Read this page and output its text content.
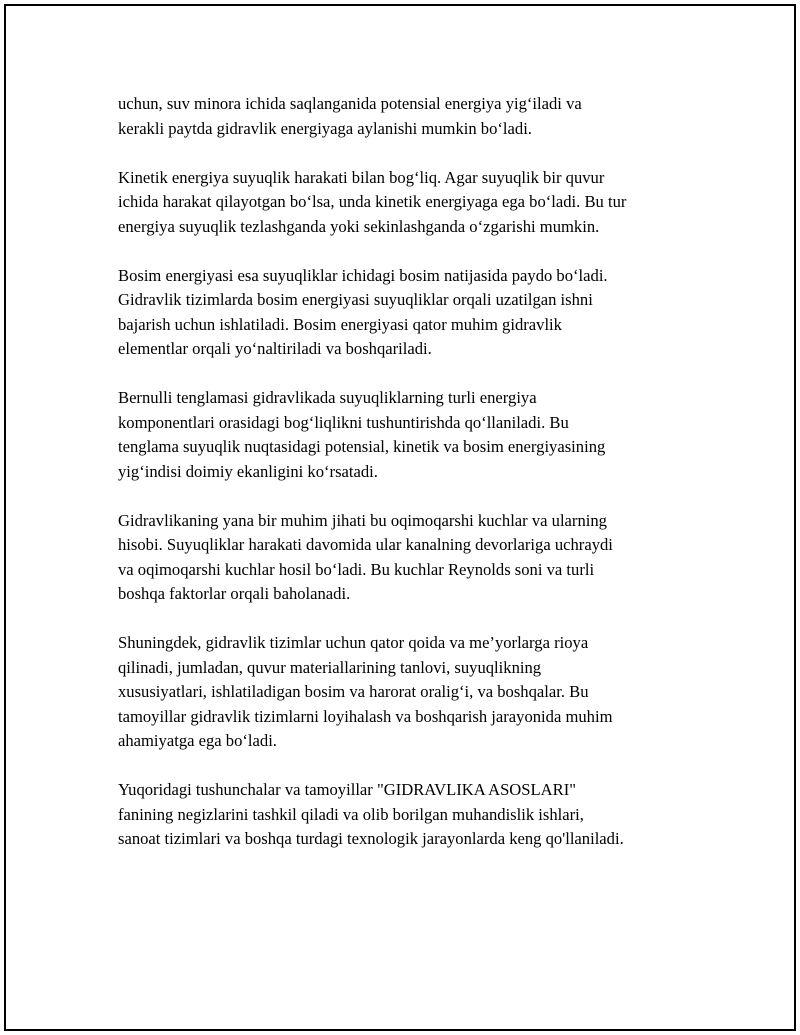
uchun, suv minora ichida saqlanganida potensial energiya yig‘iladi va
kerakli paytda gidravlik energiyaga aylanishi mumkin bo‘ladi.

Kinetik energiya suyuqlik harakati bilan bog‘liq. Agar suyuqlik bir quvur
ichida harakat qilayotgan bo‘lsa, unda kinetik energiyaga ega bo‘ladi. Bu tur
energiya suyuqlik tezlashganda yoki sekinlashganda o‘zgarishi mumkin.

Bosim energiyasi esa suyuqliklar ichidagi bosim natijasida paydo bo‘ladi.
Gidravlik tizimlarda bosim energiyasi suyuqliklar orqali uzatilgan ishni
bajarish uchun ishlatiladi. Bosim energiyasi qator muhim gidravlik
elementlar orqali yo‘naltiriladi va boshqariladi.

Bernulli tenglamasi gidravlikada suyuqliklarning turli energiya
komponentlari orasidagi bog‘liqlikni tushuntirishda qo‘llaniladi. Bu
tenglama suyuqlik nuqtasidagi potensial, kinetik va bosim energiyasining
yig‘indisi doimiy ekanligini ko‘rsatadi.

Gidravlikaning yana bir muhim jihati bu oqimoqarshi kuchlar va ularning
hisobi. Suyuqliklar harakati davomida ular kanalning devorlariga uchraydi
va oqimoqarshi kuchlar hosil bo‘ladi. Bu kuchlar Reynolds soni va turli
boshqa faktorlar orqali baholanadi.

Shuningdek, gidravlik tizimlar uchun qator qoida va me’yorlarga rioya
qilinadi, jumladan, quvur materiallarining tanlovi, suyuqlikning
xususiyatlari, ishlatiladigan bosim va harorat oralig‘i, va boshqalar. Bu
tamoyillar gidravlik tizimlarni loyihalash va boshqarish jarayonida muhim
ahamiyatga ega bo‘ladi.

Yuqoridagi tushunchalar va tamoyillar "GIDRAVLIKA ASOSLARI"
fanining negizlarini tashkil qiladi va olib borilgan muhandislik ishlari,
sanoat tizimlari va boshqa turdagi texnologik jarayonlarda keng qo'llaniladi.
